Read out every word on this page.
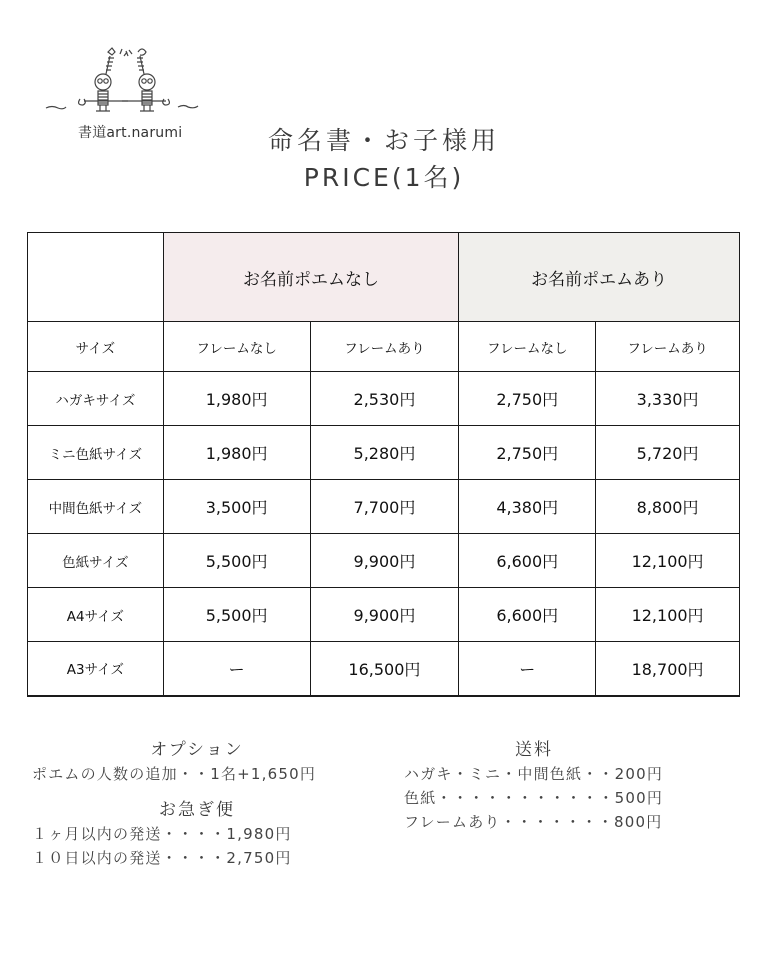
書道art.narumi	命名書・お子様用
PRICE(1名)
	お名前ポエムなし		お名前ポエムあり	
サイズ	フレームなし	フレームあり	フレームなし	フレームあり
ハガキサイズ	1,980円	2,530円	2,750円	3,330円
ミニ色紙サイズ	1,980円	5,280円	2,750円	5,720円
中間色紙サイズ	3,500円	7,700円	4,380円	8,800円
色紙サイズ	5,500円	9,900円	6,600円	12,100円
A4サイズ	5,500円	9,900円	6,600円	12,100円
A3サイズ	ー	16,500円	ー	18,700円
オプション
ポエムの人数の追加・・1名+1,650円
お急ぎ便
１ヶ月以内の発送・・・・1,980円
１０日以内の発送・・・・2,750円
送料
ハガキ・ミニ・中間色紙・・200円
色紙・・・・・・・・・・・500円
フレームあり・・・・・・・800円
